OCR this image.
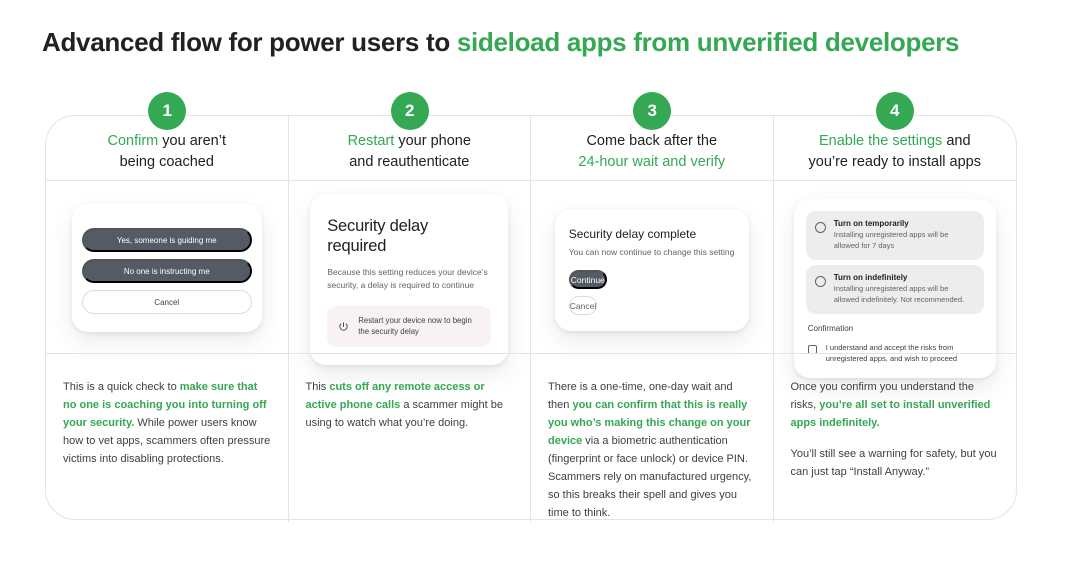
Advanced flow for power users to sideload apps from unverified developers
1	2	3	4
Confirm you aren’t
being coached
Restart your phone
and reauthenticate
Come back after the
24-hour wait and verify
Enable the settings and
you’re ready to install apps
Yes, someone is guiding me
No one is instructing me
Cancel
Security delay required
Because this setting reduces your device’s security, a delay is required to continue
Restart your device now to begin the security delay
Security delay complete
You can now continue to change this setting
Continue
Cancel
Turn on temporarily
Installing unregistered apps will be allowed for 7 days
Turn on indefinitely
Installing unregistered apps will be allowed indefinitely. Not recommended.
Confirmation
I understand and accept the risks from unregistered apps, and wish to proceed

This is a quick check to make sure that no one is coaching you into turning off your security. While power users know how to vet apps, scammers often pressure victims into disabling protections.

This cuts off any remote access or active phone calls a scammer might be using to watch what you’re doing.

There is a one-time, one-day wait and then you can confirm that this is really you who’s making this change on your device via a biometric authentication (fingerprint or face unlock) or device PIN. Scammers rely on manufactured urgency, so this breaks their spell and gives you time to think.

Once you confirm you understand the risks, you’re all set to install unverified apps indefinitely.

You’ll still see a warning for safety, but you can just tap “Install Anyway.”
